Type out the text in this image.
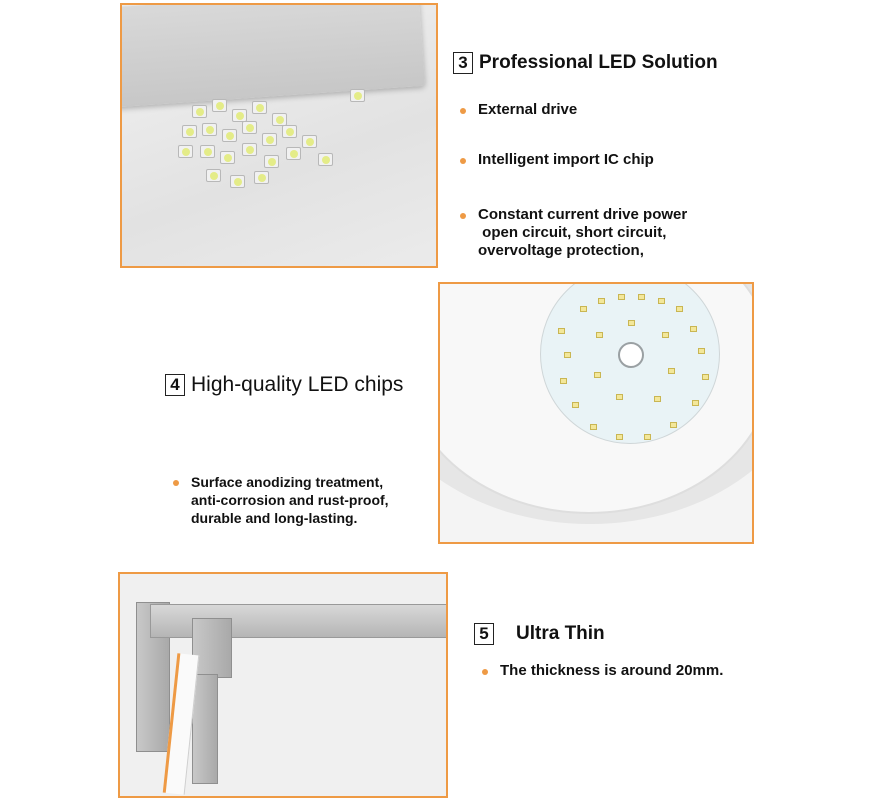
3 Professional LED Solution
External drive
Intelligent import IC chip
Constant current drive power
open circuit, short circuit,
overvoltage protection,
4 High-quality LED chips
Surface anodizing treatment,
anti-corrosion and rust-proof,
durable and long-lasting.
5 Ultra Thin
The thickness is around 20mm.
